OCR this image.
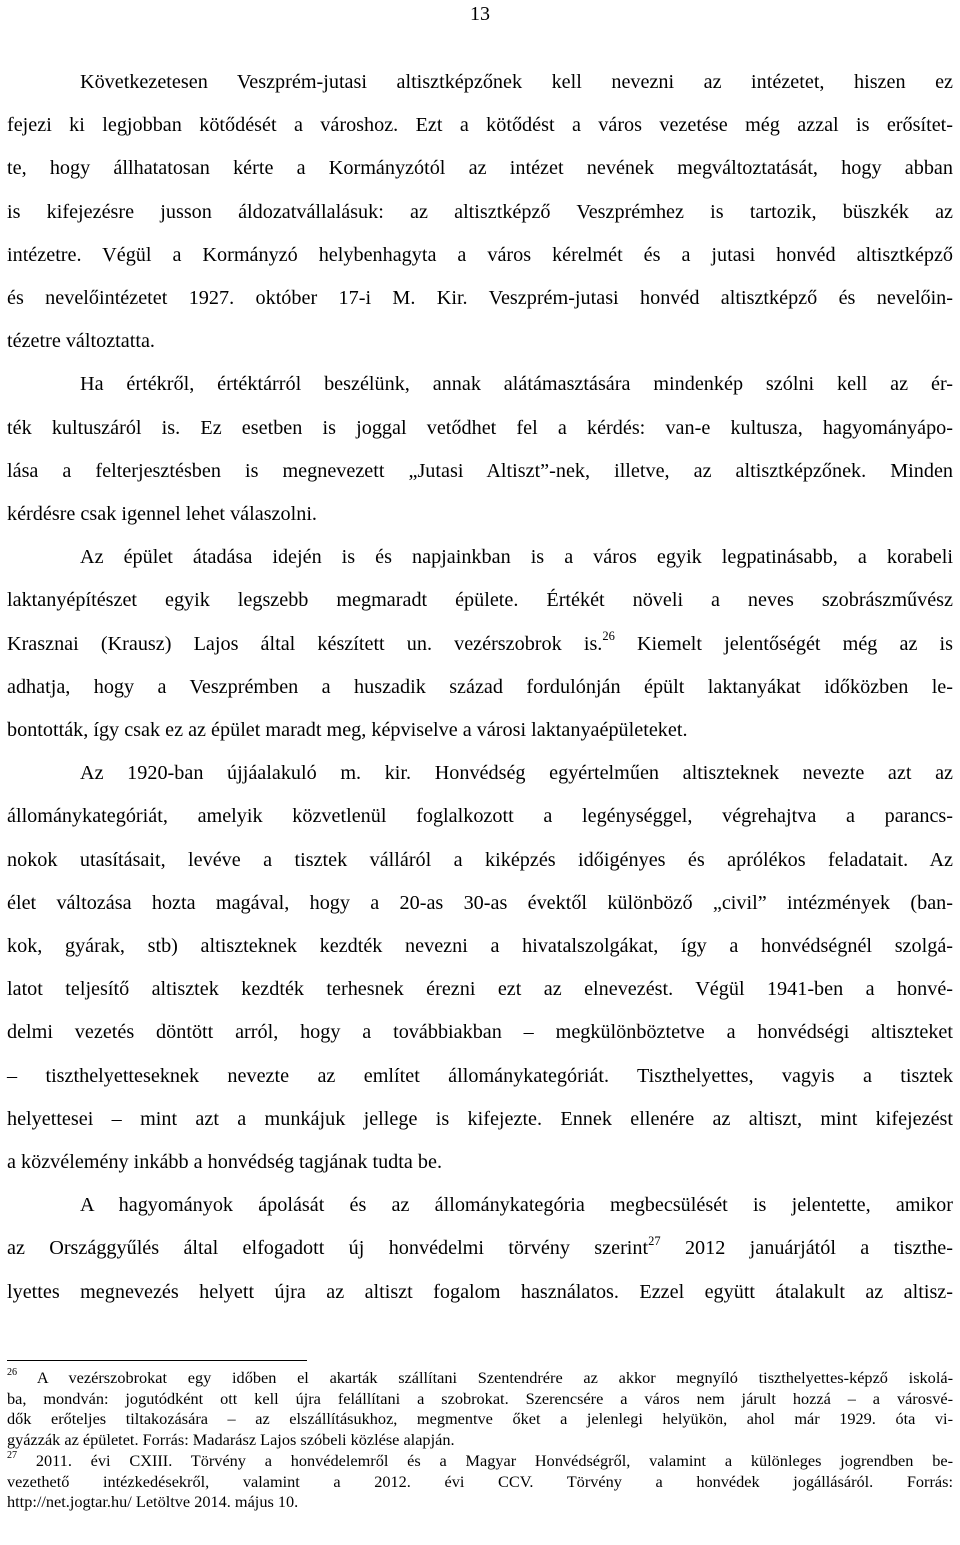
13
Következetesen Veszprém-jutasi altisztképzőnek kell nevezni az intézetet, hiszen ez
fejezi ki legjobban kötődését a városhoz. Ezt a kötődést a város vezetése még azzal is erősítet-
te, hogy állhatatosan kérte a Kormányzótól az intézet nevének megváltoztatását, hogy abban
is kifejezésre jusson áldozatvállalásuk: az altisztképző Veszprémhez is tartozik, büszkék az
intézetre. Végül a Kormányzó helybenhagyta a város kérelmét és a jutasi honvéd altisztképző
és nevelőintézetet 1927. október 17-i M. Kir. Veszprém-jutasi honvéd altisztképző és nevelőin-
tézetre változtatta.
Ha értékről, értéktárról beszélünk, annak alátámasztására mindenkép szólni kell az ér-
ték kultuszáról is. Ez esetben is joggal vetődhet fel a kérdés: van-e kultusza, hagyományápo-
lása a felterjesztésben is megnevezett „Jutasi Altiszt”-nek, illetve, az altisztképzőnek. Minden
kérdésre csak igennel lehet válaszolni.
Az épület átadása idején is és napjainkban is a város egyik legpatinásabb, a korabeli
laktanyépítészet egyik legszebb megmaradt épülete. Értékét növeli a neves szobrászművész
Krasznai (Krausz) Lajos által készített un. vezérszobrok is.$^{26}$ Kiemelt jelentőségét még az is
adhatja, hogy a Veszprémben a huszadik század fordulónján épült laktanyákat időközben le-
bontották, így csak ez az épület maradt meg, képviselve a városi laktanyaépületeket.
Az 1920-ban újjáalakuló m. kir. Honvédség egyértelműen altiszteknek nevezte azt az
állománykategóriát, amelyik közvetlenül foglalkozott a legénységgel, végrehajtva a parancs-
nokok utasításait, levéve a tisztek válláról a kiképzés időigényes és aprólékos feladatait. Az
élet változása hozta magával, hogy a 20-as 30-as évektől különböző „civil” intézmények (ban-
kok, gyárak, stb) altiszteknek kezdték nevezni a hivatalszolgákat, így a honvédségnél szolgá-
latot teljesítő altisztek kezdték terhesnek érezni ezt az elnevezést. Végül 1941-ben a honvé-
delmi vezetés döntött arról, hogy a továbbiakban – megkülönböztetve a honvédségi altiszteket
– tiszthelyetteseknek nevezte az említet állománykategóriát. Tiszthelyettes, vagyis a tisztek
helyettesei – mint azt a munkájuk jellege is kifejezte. Ennek ellenére az altiszt, mint kifejezést
a közvélemény inkább a honvédség tagjának tudta be.
A hagyományok ápolását és az állománykategória megbecsülését is jelentette, amikor
az Országgyűlés által elfogadott új honvédelmi törvény szerint$^{27}$ 2012 januárjától a tiszthe-
lyettes megnevezés helyett újra az altiszt fogalom használatos. Ezzel együtt átalakult az altisz-
$^{26}$ A vezérszobrokat egy időben el akarták szállítani Szentendrére az akkor megnyíló tiszthelyettes-képző iskolá-
ba, mondván: jogutódként ott kell újra felállítani a szobrokat. Szerencsére a város nem járult hozzá – a városvé-
dők erőteljes tiltakozására – az elszállításukhoz, megmentve őket a jelenlegi helyükön, ahol már 1929. óta vi-
gyázzák az épületet. Forrás: Madarász Lajos szóbeli közlése alapján.
$^{27}$ 2011. évi CXIII. Törvény a honvédelemről és a Magyar Honvédségről, valamint a különleges jogrendben be-
vezethető intézkedésekről, valamint a 2012. évi CCV. Törvény a honvédek jogállásáról. Forrás:
http://net.jogtar.hu/ Letöltve 2014. május 10.
